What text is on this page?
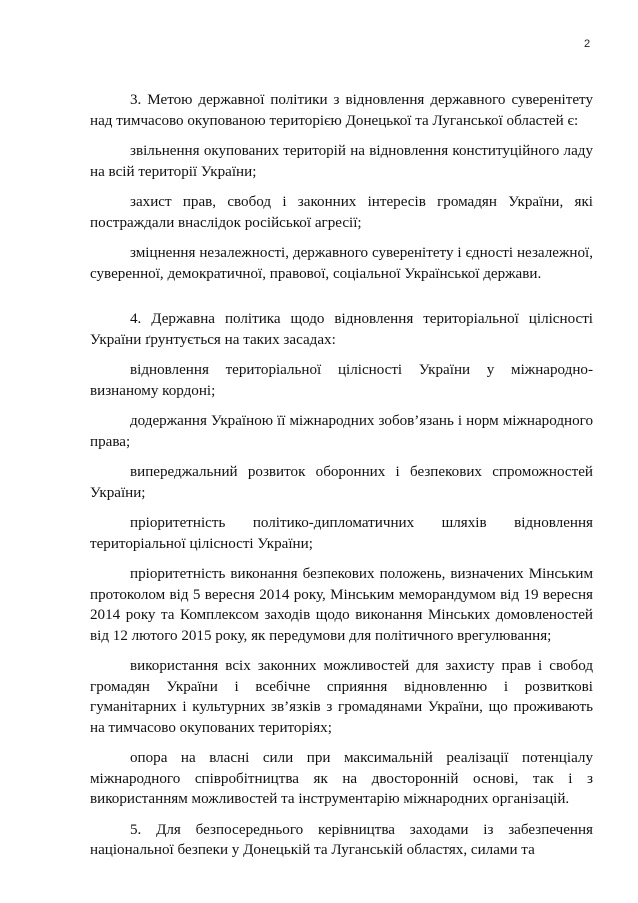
2

3. Метою державної політики з відновлення державного суверенітету над тимчасово окупованою територією Донецької та Луганської областей є:

звільнення окупованих територій на відновлення конституційного ладу на всій території України;

захист прав, свобод і законних інтересів громадян України, які постраждали внаслідок російської агресії;

зміцнення незалежності, державного суверенітету і єдності незалежної, суверенної, демократичної, правової, соціальної Української держави.

4. Державна політика щодо відновлення територіальної цілісності України ґрунтується на таких засадах:

відновлення територіальної цілісності України у міжнародно-визнаному кордоні;

додержання Україною її міжнародних зобов’язань і норм міжнародного права;

випереджальний розвиток оборонних і безпекових спроможностей України;

пріоритетність політико-дипломатичних шляхів відновлення територіальної цілісності України;

пріоритетність виконання безпекових положень, визначених Мінським протоколом від 5 вересня 2014 року, Мінським меморандумом від 19 вересня 2014 року та Комплексом заходів щодо виконання Мінських домовленостей від 12 лютого 2015 року, як передумови для політичного врегулювання;

використання всіх законних можливостей для захисту прав і свобод громадян України і всебічне сприяння відновленню і розвиткові гуманітарних і культурних зв’язків з громадянами України, що проживають на тимчасово окупованих територіях;

опора на власні сили при максимальній реалізації потенціалу міжнародного співробітництва як на двосторонній основі, так і з використанням можливостей та інструментарію міжнародних організацій.

5. Для безпосереднього керівництва заходами із забезпечення національної безпеки у Донецькій та Луганській областях, силами та
